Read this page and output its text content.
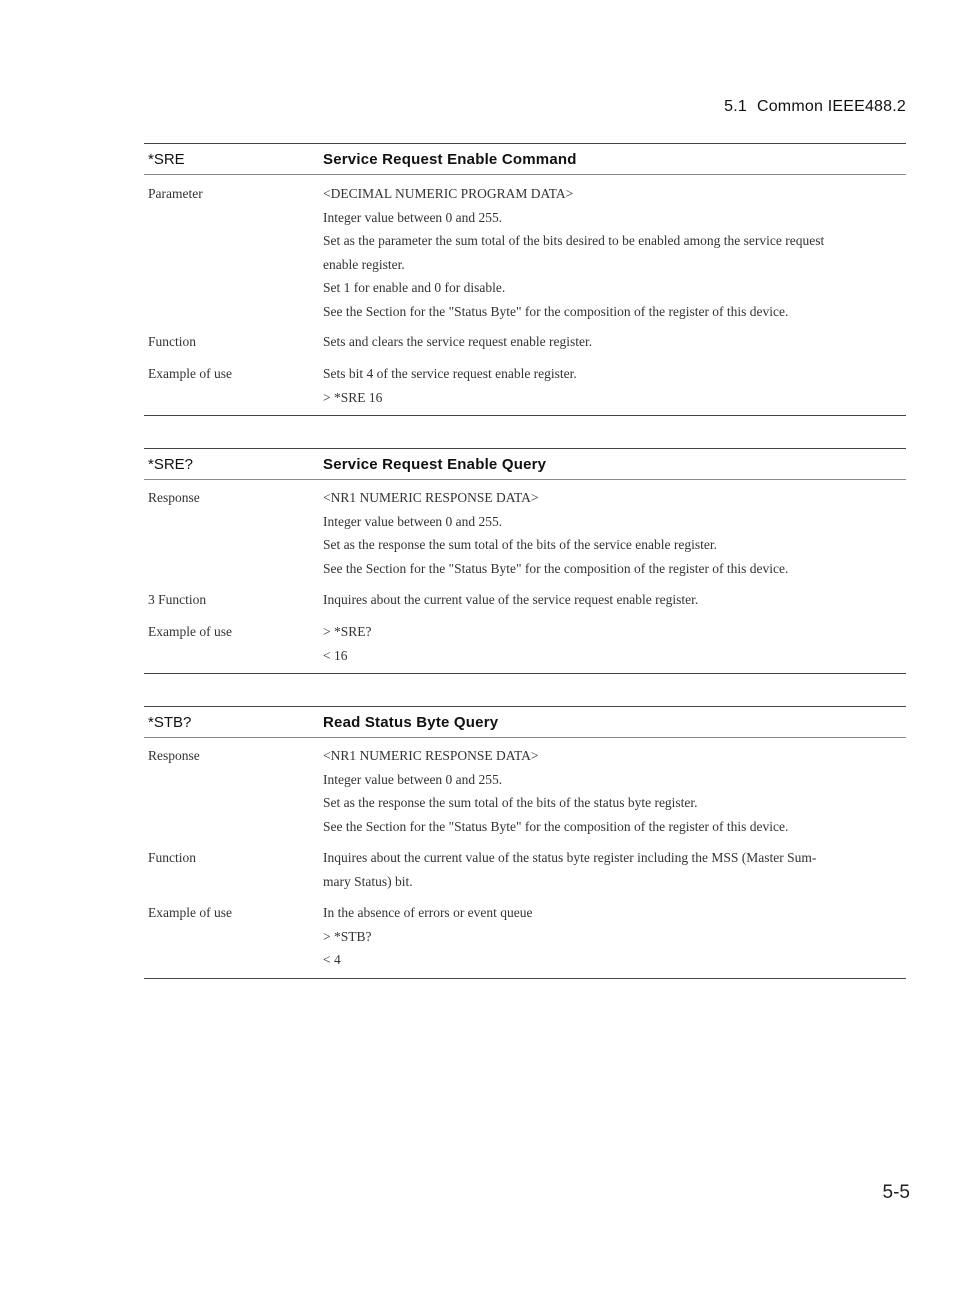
5.1 Common IEEE488.2
*SRE	Service Request Enable Command
Parameter	<DECIMAL NUMERIC PROGRAM DATA>
Integer value between 0 and 255.
Set as the parameter the sum total of the bits desired to be enabled among the service request
enable register.
Set 1 for enable and 0 for disable.
See the Section for the "Status Byte" for the composition of the register of this device.
Function	Sets and clears the service request enable register.
Example of use	Sets bit 4 of the service request enable register.
> *SRE 16
*SRE?	Service Request Enable Query
Response	<NR1 NUMERIC RESPONSE DATA>
Integer value between 0 and 255.
Set as the response the sum total of the bits of the service enable register.
See the Section for the "Status Byte" for the composition of the register of this device.
3 Function	Inquires about the current value of the service request enable register.
Example of use	> *SRE?
< 16
*STB?	Read Status Byte Query
Response	<NR1 NUMERIC RESPONSE DATA>
Integer value between 0 and 255.
Set as the response the sum total of the bits of the status byte register.
See the Section for the "Status Byte" for the composition of the register of this device.
Function	Inquires about the current value of the status byte register including the MSS (Master Sum-
mary Status) bit.
Example of use	In the absence of errors or event queue
> *STB?
< 4
5-5
